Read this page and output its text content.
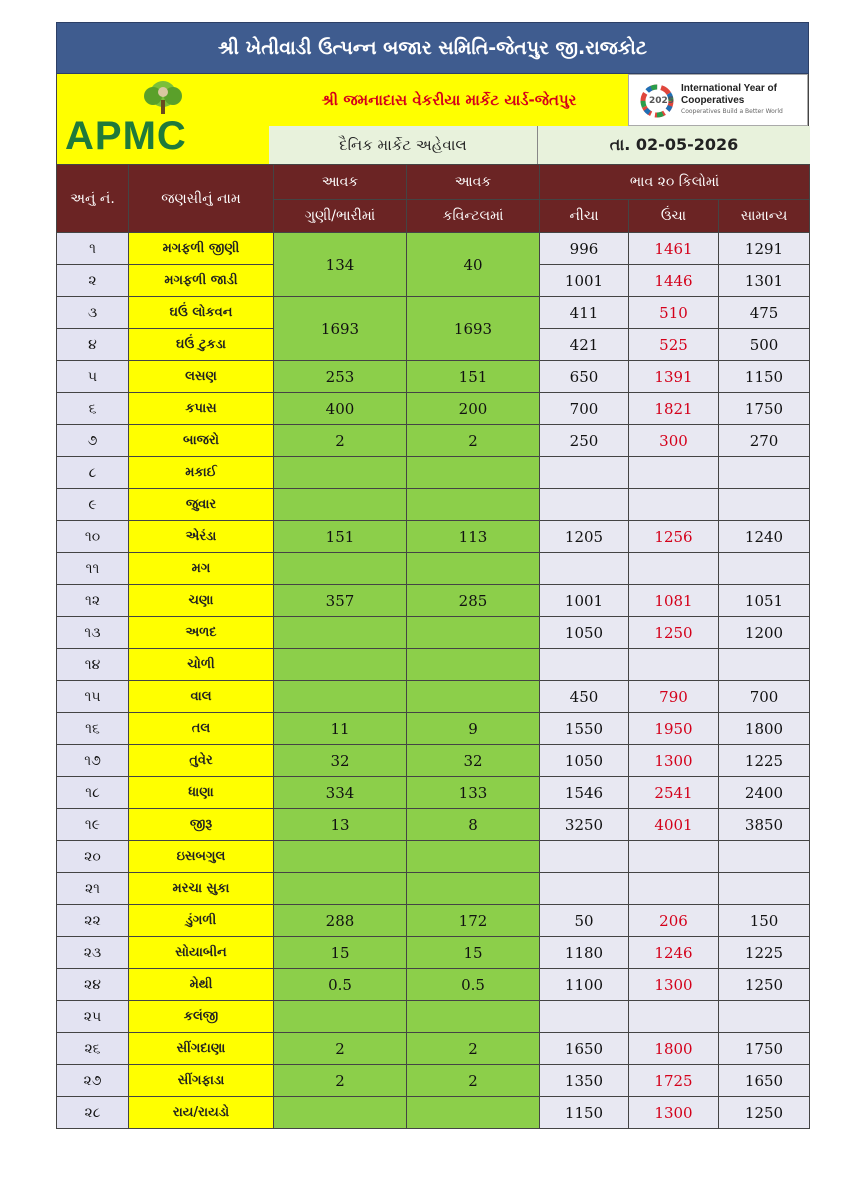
શ્રી ખેતીવાડી ઉત્પન્ન બજાર સમિતિ-જેતપુર જી.રાજકોટ
APMC
શ્રી જમનાદાસ વેકરીયા માર્કેટ યાર્ડ-જેતપુર	2025
International Year of Cooperatives
Cooperatives Build a Better World
દૈનિક માર્કેટ અહેવાલ	તા. 02-05-2026
અનું નં.	જણસીનું નામ	આવક	આવક	ભાવ ૨૦ કિલોમાં		
		ગુણી/ભારીમાં	કવિન્ટલમાં	નીચા	ઉંચા	સામાન્ય
૧	મગફળી જીણી	134	40	996	1461	1291
૨	મગફળી જાડી			1001	1446	1301
૩	ઘઉં લોકવન	1693	1693	411	510	475
૪	ઘઉં ટુકડા			421	525	500
૫	લસણ	253	151	650	1391	1150
૬	કપાસ	400	200	700	1821	1750
૭	બાજરો	2	2	250	300	270
૮	મકાઈ					
૯	જુવાર					
૧૦	એરંડા	151	113	1205	1256	1240
૧૧	મગ					
૧૨	ચણા	357	285	1001	1081	1051
૧૩	અળદ			1050	1250	1200
૧૪	ચોળી					
૧૫	વાલ			450	790	700
૧૬	તલ	11	9	1550	1950	1800
૧૭	તુવેર	32	32	1050	1300	1225
૧૮	ધાણા	334	133	1546	2541	2400
૧૯	જીરૂ	13	8	3250	4001	3850
૨૦	ઇસબગુલ					
૨૧	મરચા સુકા					
૨૨	ડુંગળી	288	172	50	206	150
૨૩	સોયાબીન	15	15	1180	1246	1225
૨૪	મેથી	0.5	0.5	1100	1300	1250
૨૫	કલંજી					
૨૬	સીંગદાણા	2	2	1650	1800	1750
૨૭	સીંગફાડા	2	2	1350	1725	1650
૨૮	રાય/રાયડો			1150	1300	1250
